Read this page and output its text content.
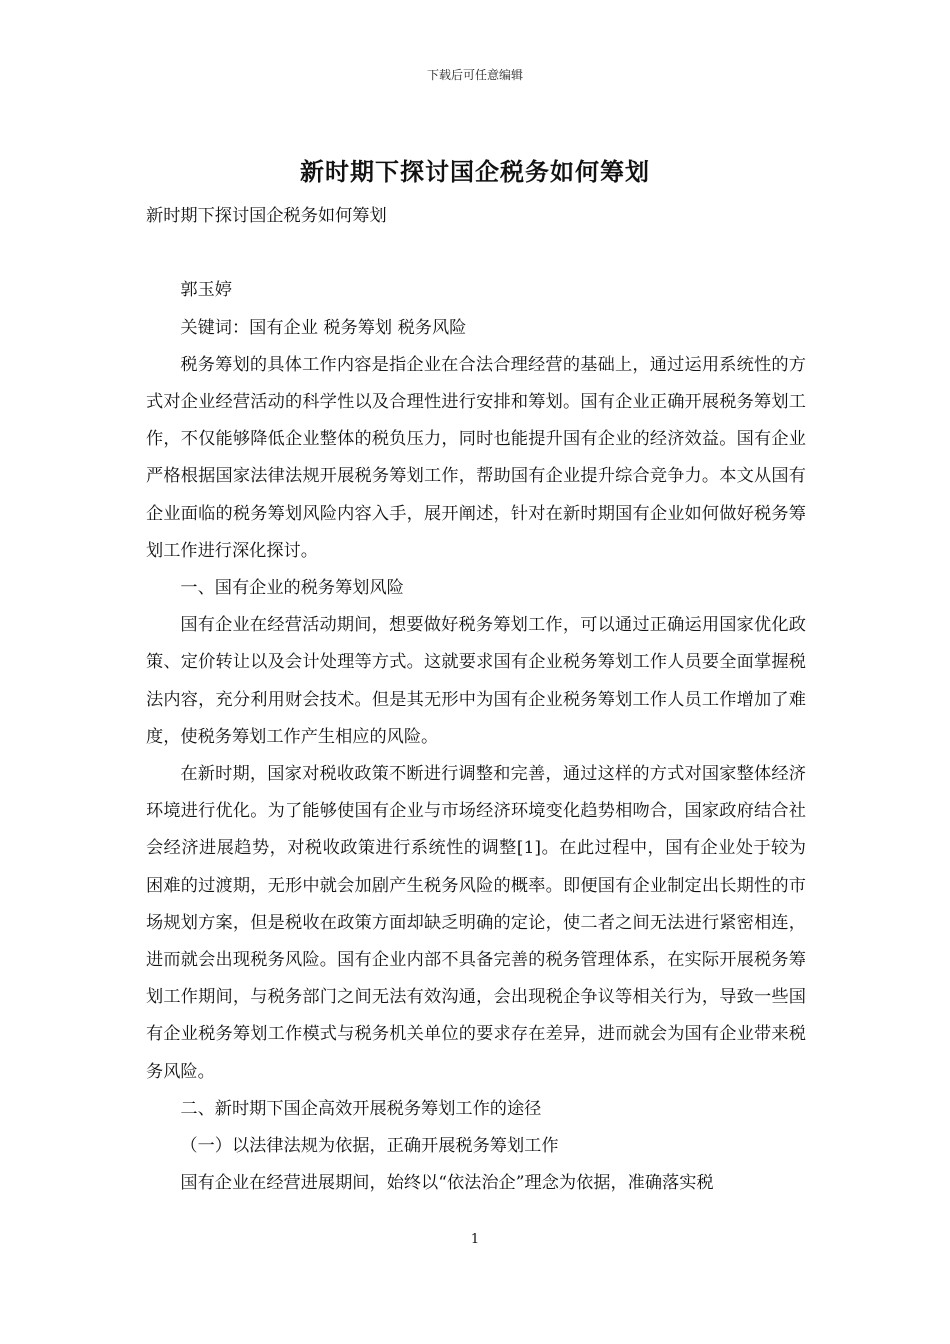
下载后可任意编辑
新时期下探讨国企税务如何筹划

新时期下探讨国企税务如何筹划

郭玉婷

关键词：国有企业 税务筹划 税务风险

税务筹划的具体工作内容是指企业在合法合理经营的基础上，通过运用系统性的方式对企业经营活动的科学性以及合理性进行安排和筹划。国有企业正确开展税务筹划工作，不仅能够降低企业整体的税负压力，同时也能提升国有企业的经济效益。国有企业严格根据国家法律法规开展税务筹划工作，帮助国有企业提升综合竞争力。本文从国有企业面临的税务筹划风险内容入手，展开阐述，针对在新时期国有企业如何做好税务筹划工作进行深化探讨。

一、国有企业的税务筹划风险

国有企业在经营活动期间，想要做好税务筹划工作，可以通过正确运用国家优化政策、定价转让以及会计处理等方式。这就要求国有企业税务筹划工作人员要全面掌握税法内容，充分利用财会技术。但是其无形中为国有企业税务筹划工作人员工作增加了难度，使税务筹划工作产生相应的风险。

在新时期，国家对税收政策不断进行调整和完善，通过这样的方式对国家整体经济环境进行优化。为了能够使国有企业与市场经济环境变化趋势相吻合，国家政府结合社会经济进展趋势，对税收政策进行系统性的调整[1]。在此过程中，国有企业处于较为困难的过渡期，无形中就会加剧产生税务风险的概率。即便国有企业制定出长期性的市场规划方案，但是税收在政策方面却缺乏明确的定论，使二者之间无法进行紧密相连，进而就会出现税务风险。国有企业内部不具备完善的税务管理体系，在实际开展税务筹划工作期间，与税务部门之间无法有效沟通，会出现税企争议等相关行为，导致一些国有企业税务筹划工作模式与税务机关单位的要求存在差异，进而就会为国有企业带来税务风险。

二、新时期下国企高效开展税务筹划工作的途径

（一）以法律法规为依据，正确开展税务筹划工作

国有企业在经营进展期间，始终以“依法治企”理念为依据，准确落实税

1
